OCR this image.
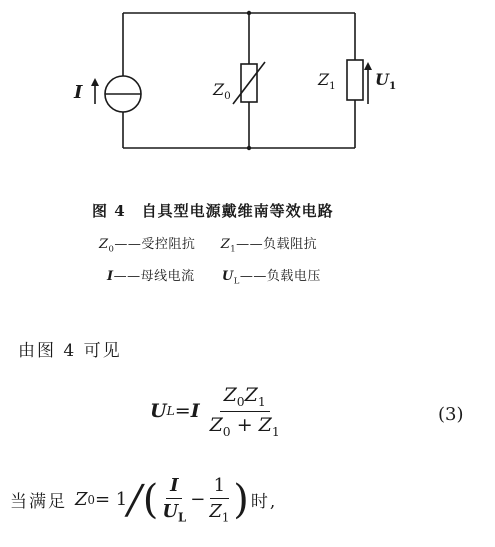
I	$Z_0$
$Z_1$ $U_1$
图 4　自具型电源戴维南等效电路
$Z_0——$受控阻抗 $Z_1——$负载阻抗
I——母线电流 $U_L——$负载电压
由图 4 可见
U L = I $\frac{Z_0Z_1}{Z_0 + Z_1}$	(3)
当满足 Z 0 = 1
/
( $\frac{I}{U_L} - \frac{1}{Z_1}$ ) 时,
